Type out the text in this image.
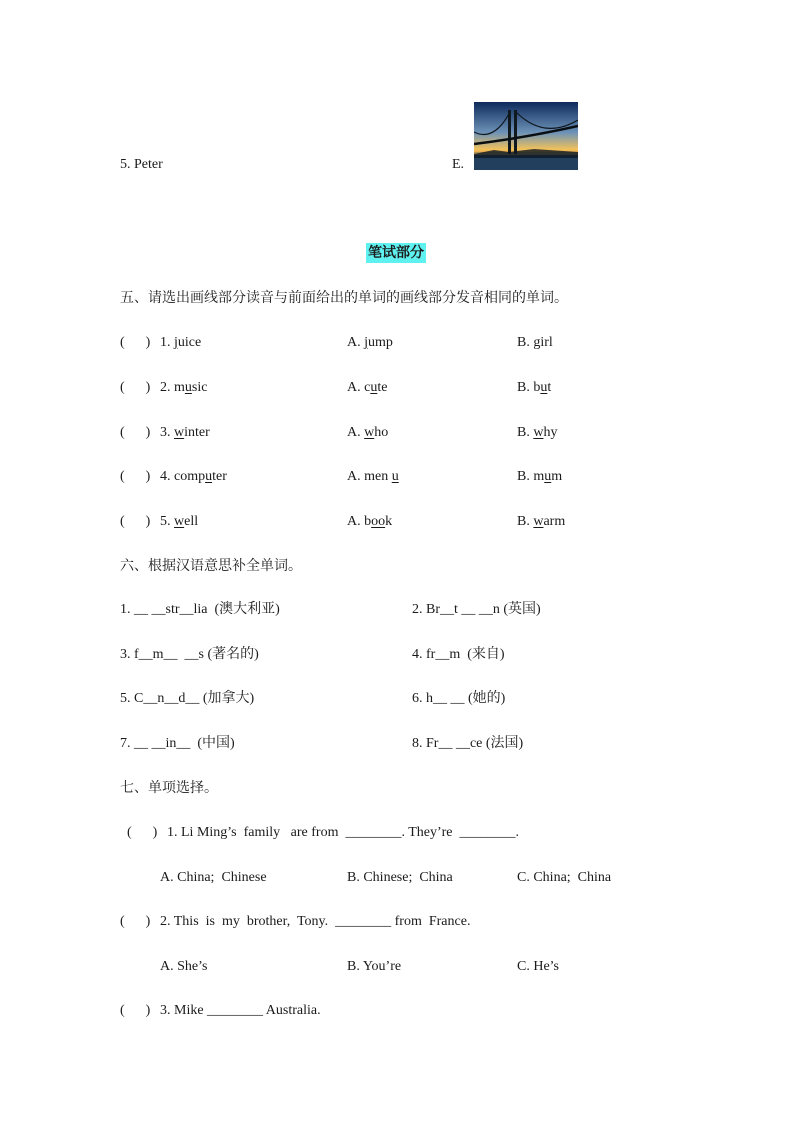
5. Peter	E.
笔试部分
五、请选出画线部分读音与前面给出的单词的画线部分发音相同的单词。
(      ) 1. juice	A. jump	B. girl
(      ) 2. music	A. cute	B. but
(      ) 3. winter	A. who	B. why
(      ) 4. computer	A. men u	B. mum
(      ) 5. well	A. book	B. warm
六、根据汉语意思补全单词。
1. __ __str__lia  (澳大利亚)	2. Br__t __ __n (英国)
3. f__m__  __s (著名的)	4. fr__m  (来自)
5. C__n__d__ (加拿大)	6. h__ __ (她的)
7. __ __in__  (中国)	8. Fr__ __ce (法国)
七、单项选择。
(      ) 1. Li Ming’s  family   are from  ________. They’re  ________.
A. China;  Chinese	B. Chinese;  China	C. China;  China
(      ) 2. This  is  my  brother,  Tony.  ________ from  France.
A. She’s	B. You’re	C. He’s
(      ) 3. Mike ________ Australia.
